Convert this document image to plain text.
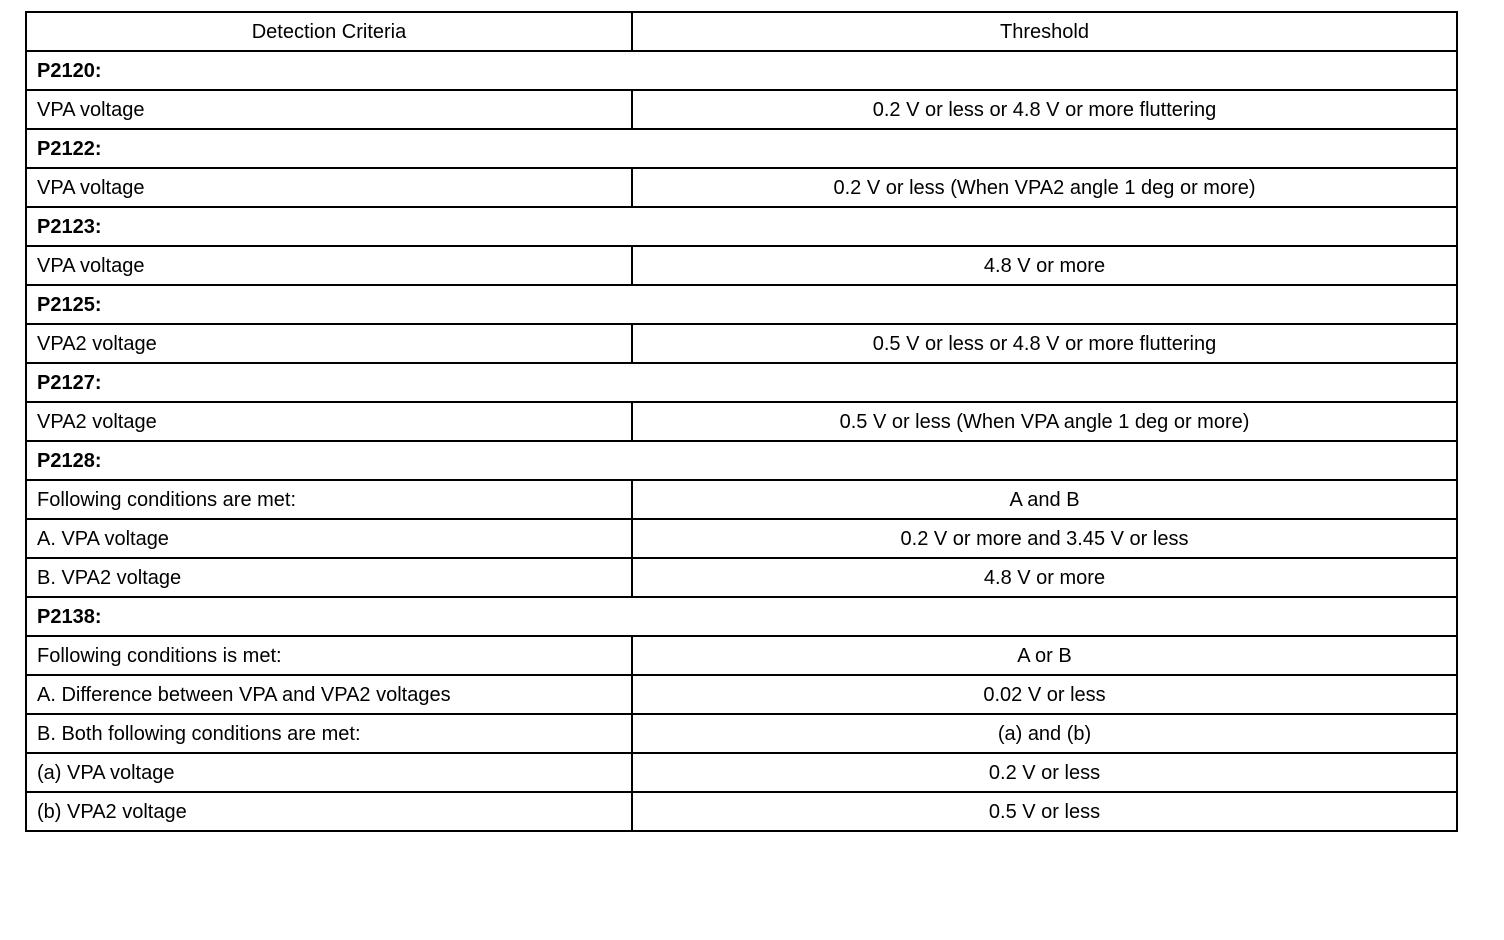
Detection Criteria	Threshold
P2120:	
VPA voltage	0.2 V or less or 4.8 V or more fluttering
P2122:	
VPA voltage	0.2 V or less (When VPA2 angle 1 deg or more)
P2123:	
VPA voltage	4.8 V or more
P2125:	
VPA2 voltage	0.5 V or less or 4.8 V or more fluttering
P2127:	
VPA2 voltage	0.5 V or less (When VPA angle 1 deg or more)
P2128:	
Following conditions are met:	A and B
A. VPA voltage	0.2 V or more and 3.45 V or less
B. VPA2 voltage	4.8 V or more
P2138:	
Following conditions is met:	A or B
A. Difference between VPA and VPA2 voltages	0.02 V or less
B. Both following conditions are met:	(a) and (b)
(a) VPA voltage	0.2 V or less
(b) VPA2 voltage	0.5 V or less
